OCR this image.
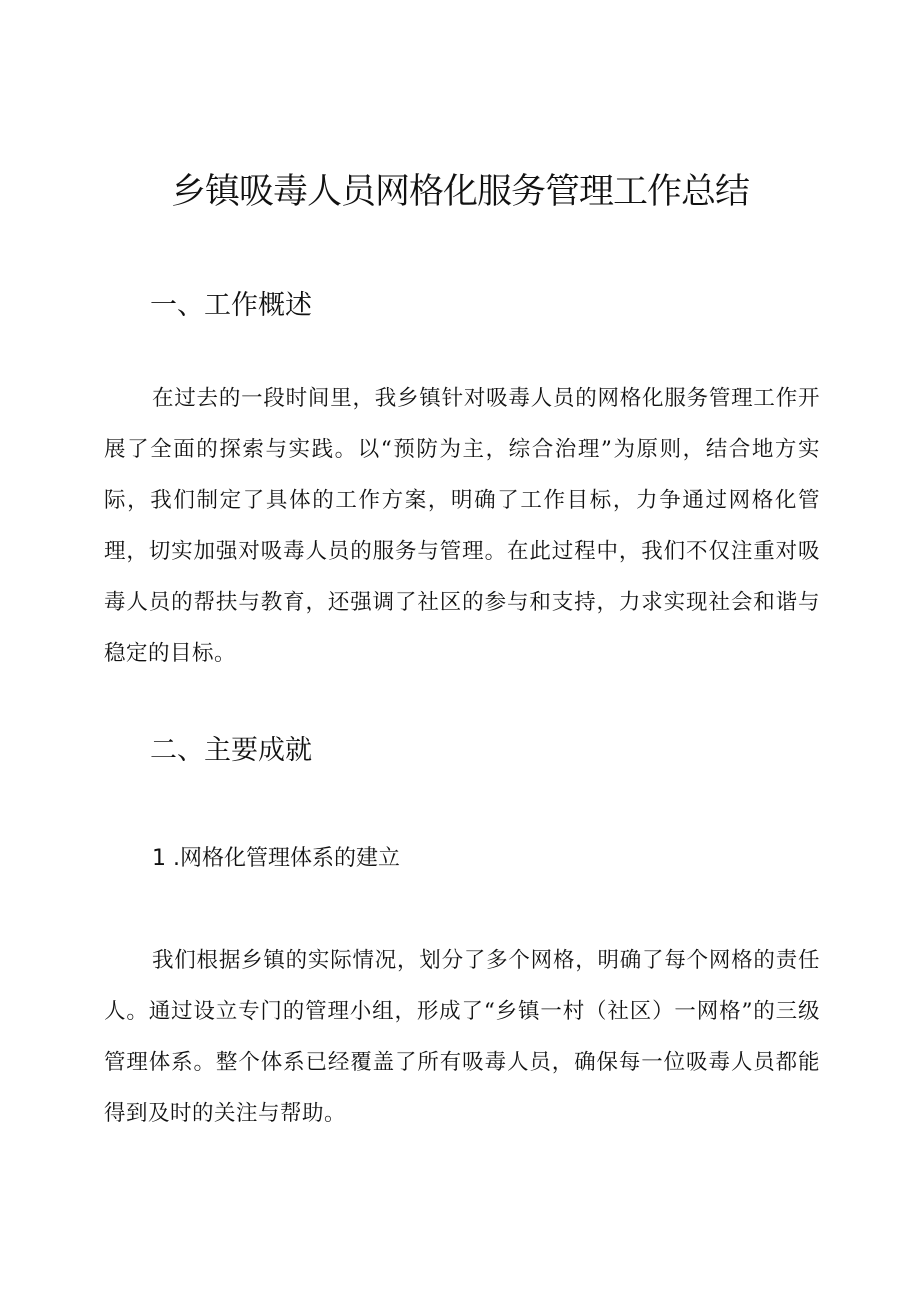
乡镇吸毒人员网格化服务管理工作总结
一、工作概述

在过去的一段时间里，我乡镇针对吸毒人员的网格化服务管理工作开展了全面的探索与实践。以“预防为主，综合治理”为原则，结合地方实际，我们制定了具体的工作方案，明确了工作目标，力争通过网格化管理，切实加强对吸毒人员的服务与管理。在此过程中，我们不仅注重对吸毒人员的帮扶与教育，还强调了社区的参与和支持，力求实现社会和谐与稳定的目标。

二、主要成就
1 .网格化管理体系的建立

我们根据乡镇的实际情况，划分了多个网格，明确了每个网格的责任人。通过设立专门的管理小组，形成了“乡镇一村（社区）一网格”的三级管理体系。整个体系已经覆盖了所有吸毒人员，确保每一位吸毒人员都能得到及时的关注与帮助。
